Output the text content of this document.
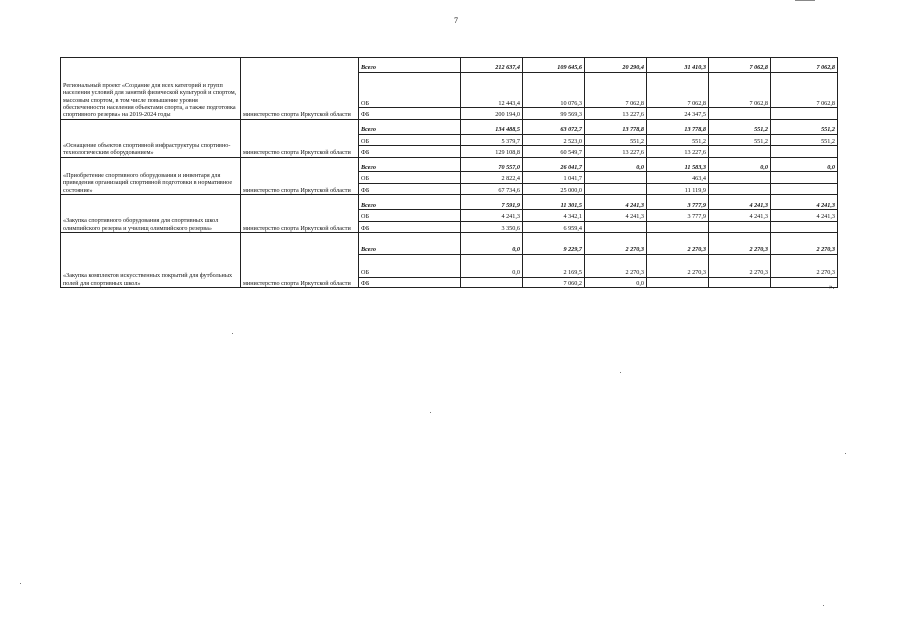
7
Региональный проект «Создание для всех категорий и групп населения условий для занятий физической культурой и спортом, массовым спортом, в том числе повышение уровня обеспеченности населения объектами спорта, а также подготовка спортивного резерва» на 2019-2024 годы	министерство спорта Иркутской области	Всего	212 637,4	109 645,6	20 290,4	31 410,3	7 062,8	7 062,8
		ОБ	12 443,4	10 076,3	7 062,8	7 062,8	7 062,8	7 062,8
		ФБ	200 194,0	99 569,3	13 227,6	24 347,5		
«Оснащение объектов спортивной инфраструктуры спортивно-технологическим оборудованием»	министерство спорта Иркутской области	Всего	134 488,5	63 072,7	13 778,8	13 778,8	551,2	551,2
		ОБ	5 379,7	2 523,0	551,2	551,2	551,2	551,2
		ФБ	129 108,8	60 549,7	13 227,6	13 227,6		
«Приобретение спортивного оборудования и инвентаря для приведения организаций спортивной подготовки в нормативное состояние»	министерство спорта Иркутской области	Всего	70 557,0	26 041,7	0,0	11 583,3	0,0	0,0
		ОБ	2 822,4	1 041,7		463,4		
		ФБ	67 734,6	25 000,0		11 119,9		
«Закупка спортивного оборудования для спортивных школ олимпийского резерва и училищ олимпийского резерва»	министерство спорта Иркутской области	Всего	7 591,9	11 301,5	4 241,3	3 777,9	4 241,3	4 241,3
		ОБ	4 241,3	4 342,1	4 241,3	3 777,9	4 241,3	4 241,3
		ФБ	3 350,6	6 959,4				
«Закупка комплектов искусственных покрытий для футбольных полей для спортивных школ»	министерство спорта Иркутской области	Всего	0,0	9 229,7	2 270,3	2 270,3	2 270,3	2 270,3
		ОБ	0,0	2 169,5	2 270,3	2 270,3	2 270,3	2 270,3
		ФБ		7 060,2	0,0				».
